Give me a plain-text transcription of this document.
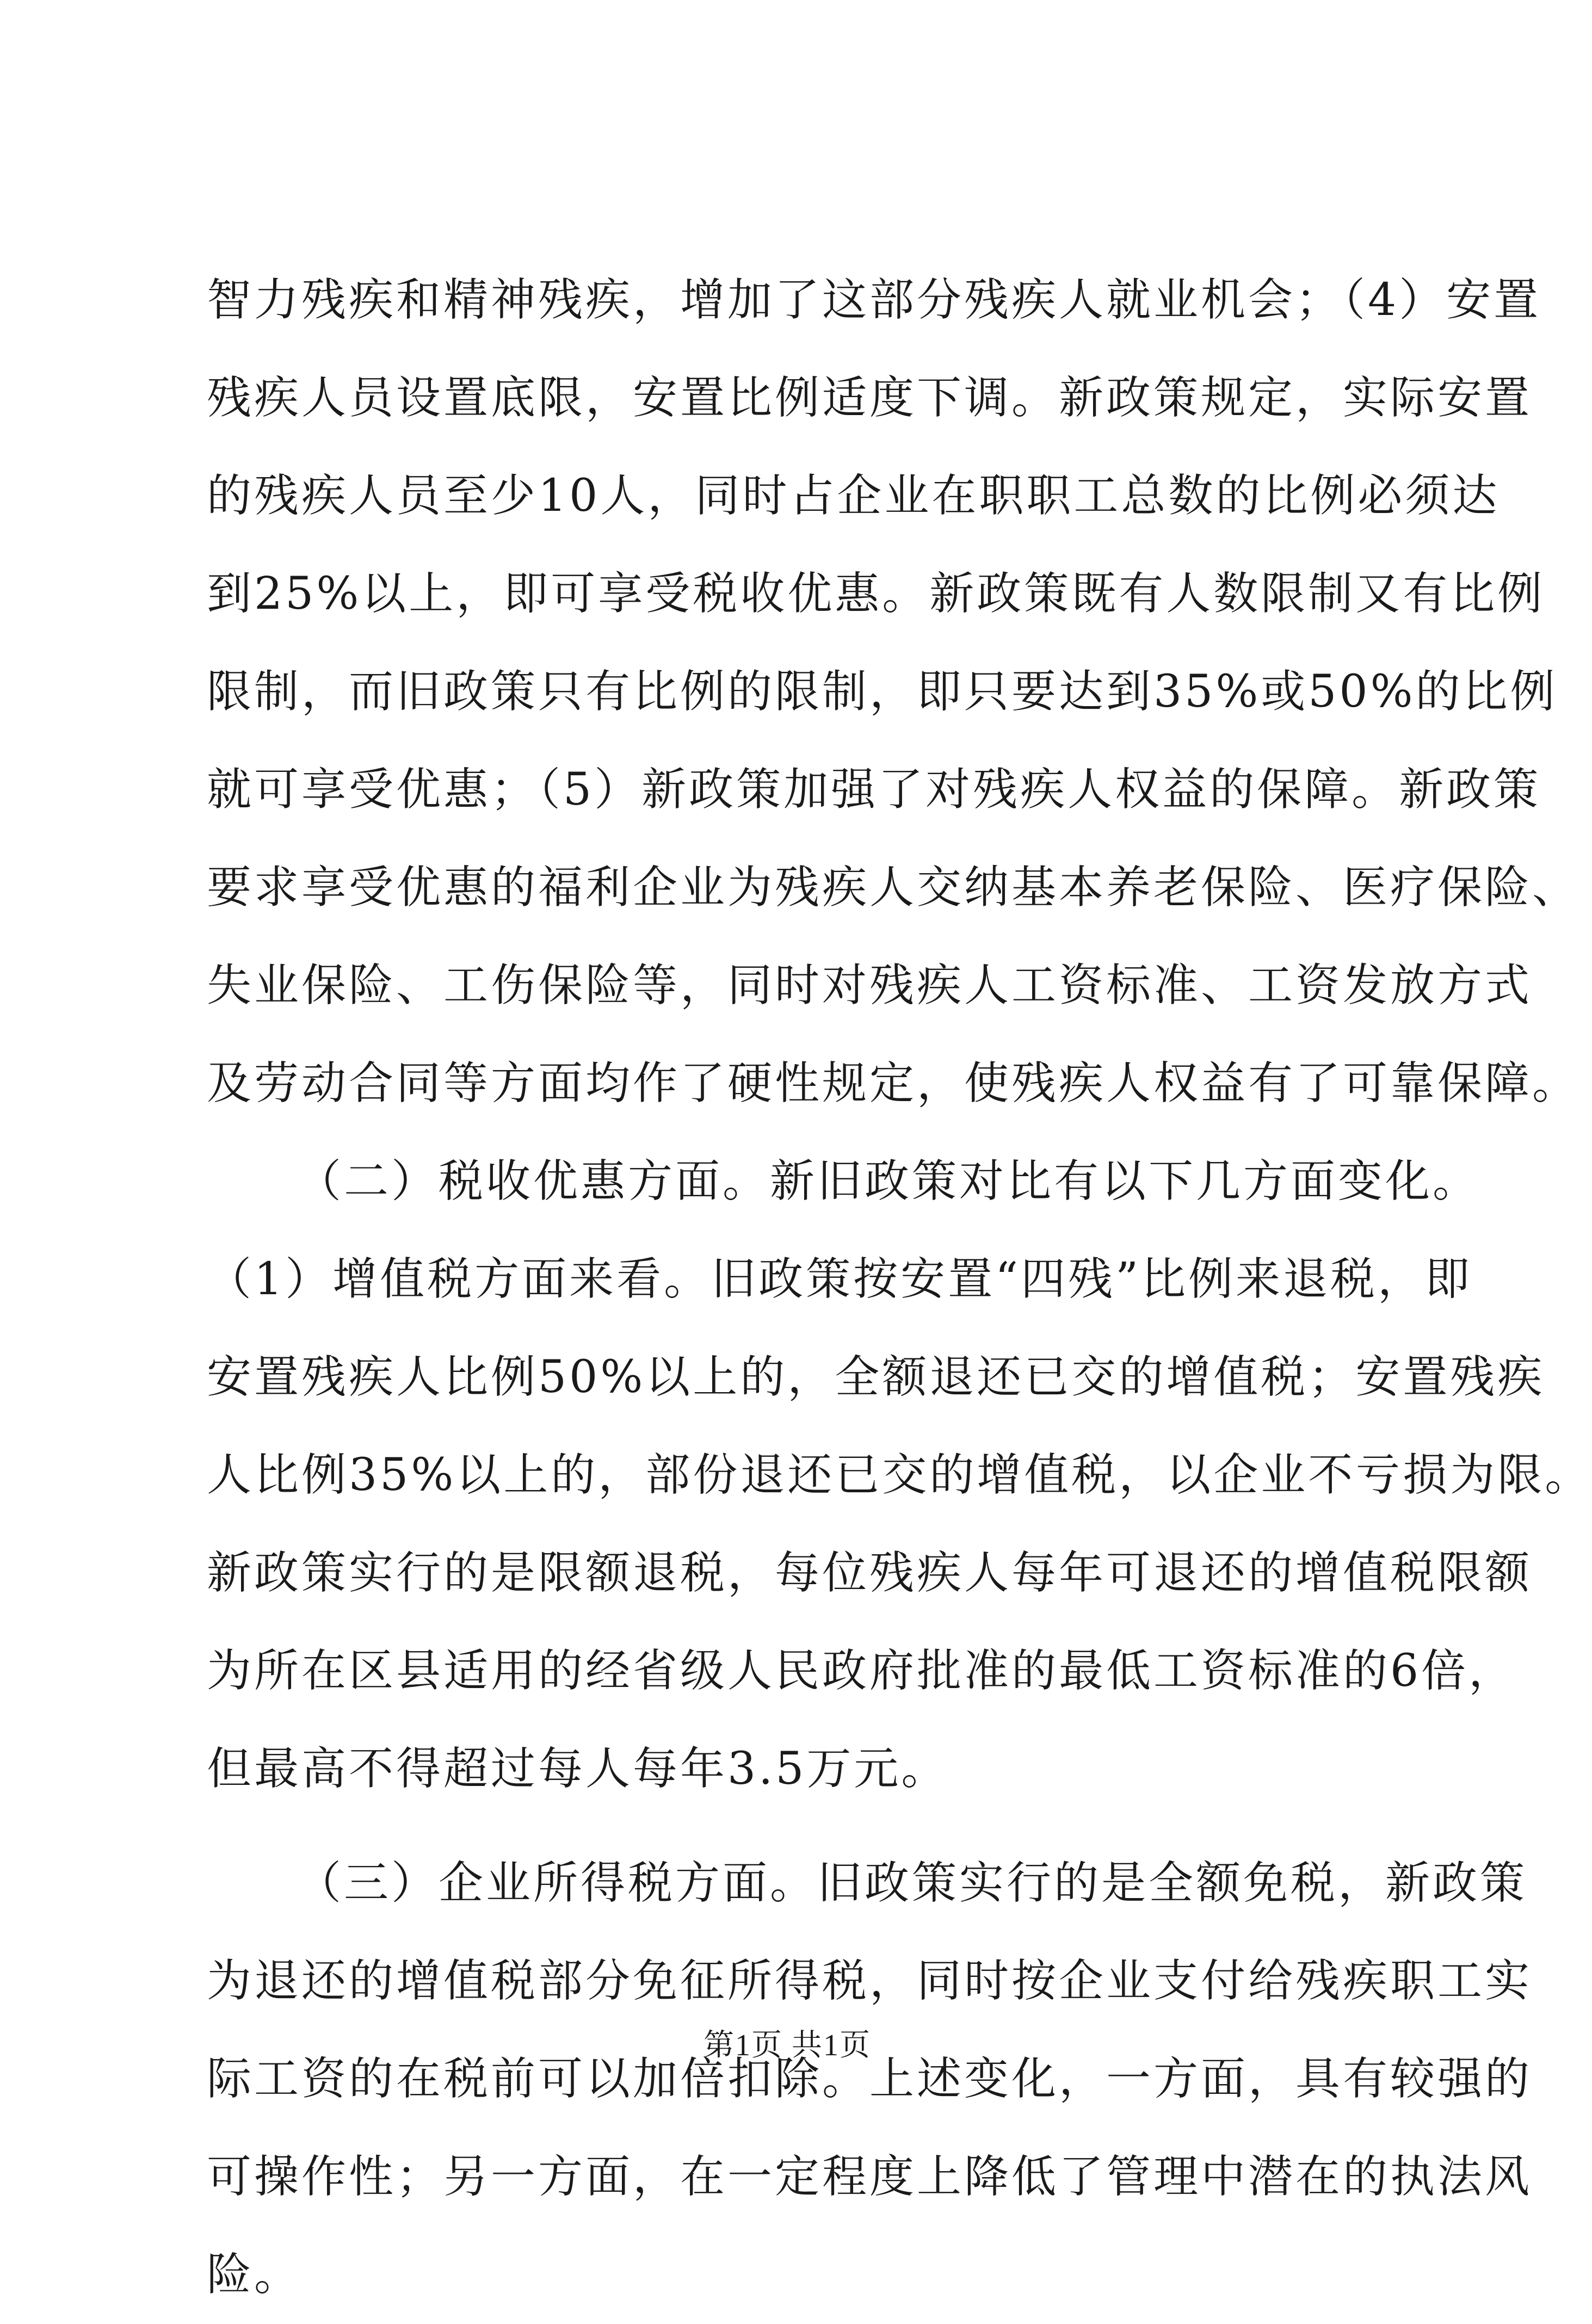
智力残疾和精神残疾，增加了这部分残疾人就业机会；（4）安置
残疾人员设置底限，安置比例适度下调。新政策规定，实际安置
的残疾人员至少10人，同时占企业在职职工总数的比例必须达
到25%以上，即可享受税收优惠。新政策既有人数限制又有比例
限制，而旧政策只有比例的限制，即只要达到35%或50%的比例
就可享受优惠；（5）新政策加强了对残疾人权益的保障。新政策
要求享受优惠的福利企业为残疾人交纳基本养老保险、医疗保险、
失业保险、工伤保险等，同时对残疾人工资标准、工资发放方式
及劳动合同等方面均作了硬性规定，使残疾人权益有了可靠保障。
（二）税收优惠方面。新旧政策对比有以下几方面变化。
（1）增值税方面来看。旧政策按安置“四残”比例来退税，即
安置残疾人比例50%以上的，全额退还已交的增值税；安置残疾
人比例35%以上的，部份退还已交的增值税，以企业不亏损为限。
新政策实行的是限额退税，每位残疾人每年可退还的增值税限额
为所在区县适用的经省级人民政府批准的最低工资标准的6倍，
但最高不得超过每人每年3.5万元。
（三）企业所得税方面。旧政策实行的是全额免税，新政策
为退还的增值税部分免征所得税，同时按企业支付给残疾职工实
际工资的在税前可以加倍扣除。上述变化，一方面，具有较强的
可操作性；另一方面，在一定程度上降低了管理中潜在的执法风
险。
第1页 共1页
